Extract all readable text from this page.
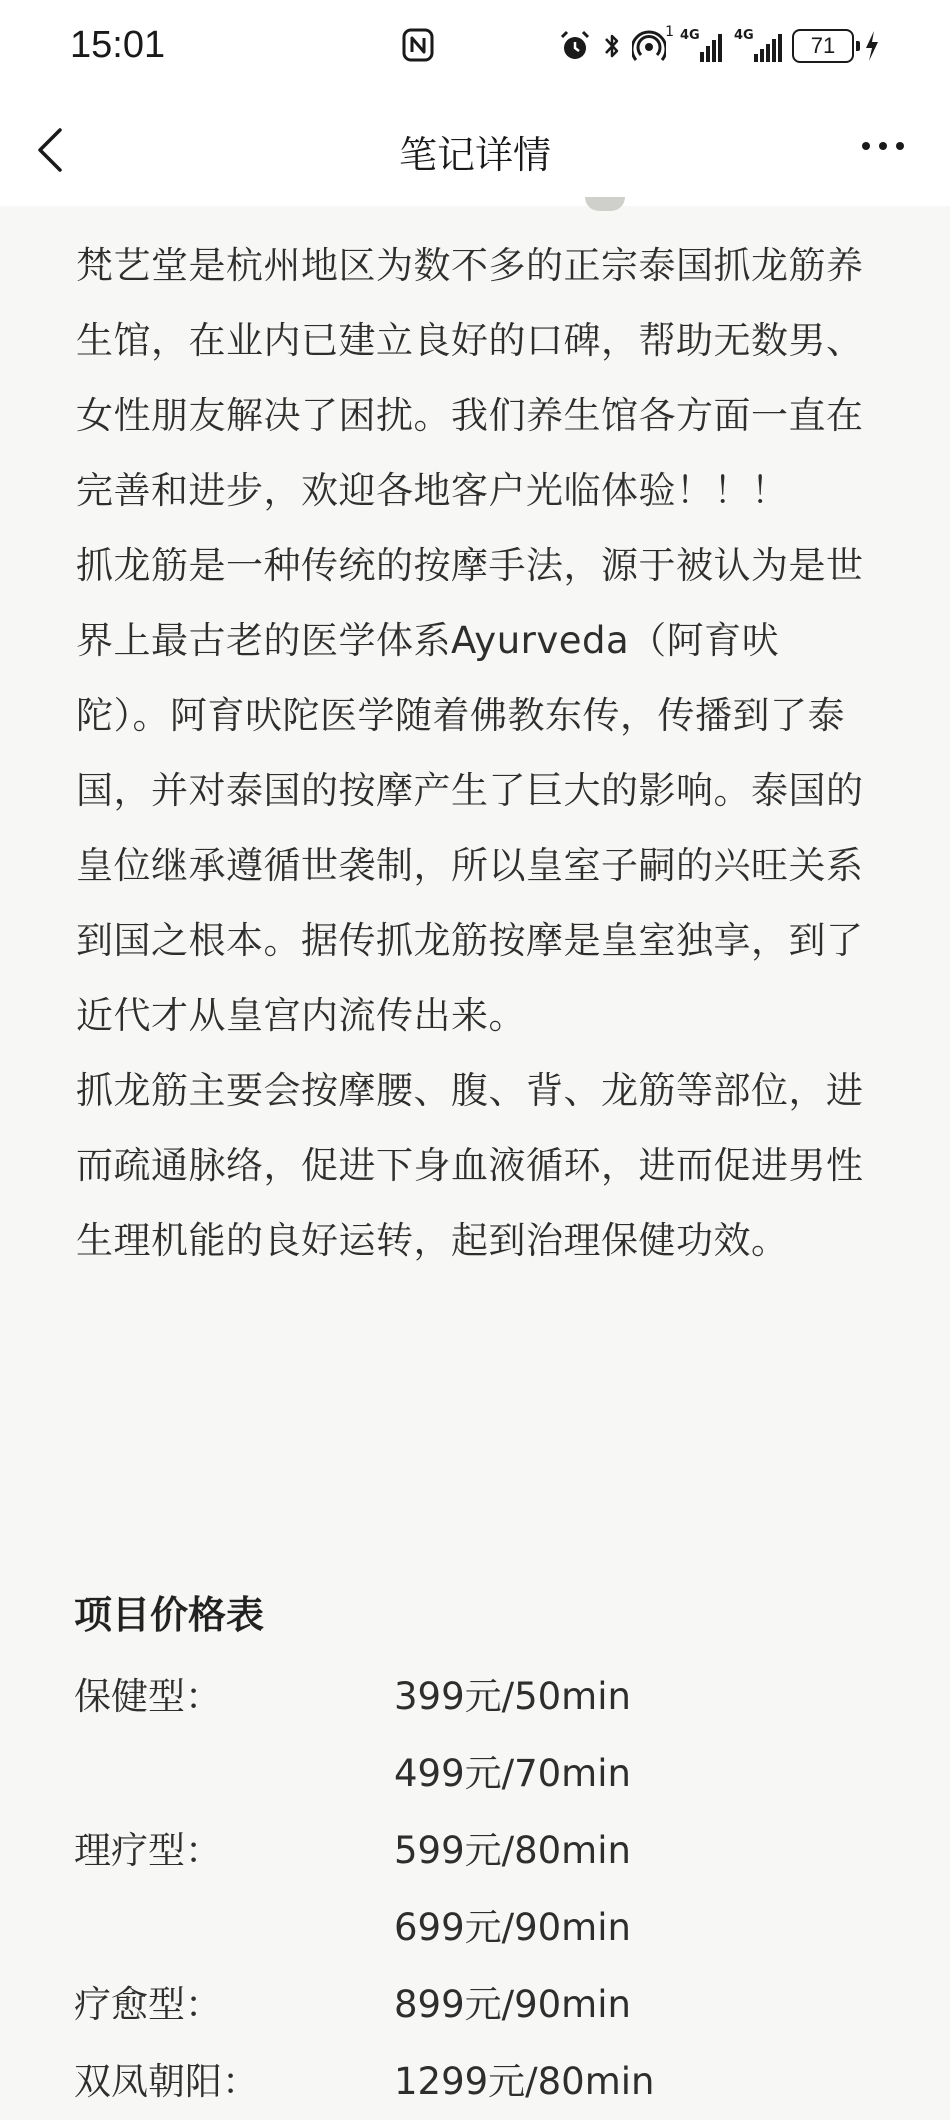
15:01	1 4G	4G	71
笔记详情

梵艺堂是杭州地区为数不多的正宗泰国抓龙筋养生馆，在业内已建立良好的口碑，帮助无数男、女性朋友解决了困扰。我们养生馆各方面一直在完善和进步，欢迎各地客户光临体验！！！

抓龙筋是一种传统的按摩手法，源于被认为是世界上最古老的医学体系Ayurveda（阿育吠陀）。阿育吠陀医学随着佛教东传，传播到了泰国，并对泰国的按摩产生了巨大的影响。泰国的皇位继承遵循世袭制，所以皇室子嗣的兴旺关系到国之根本。据传抓龙筋按摩是皇室独享，到了近代才从皇宫内流传出来。

抓龙筋主要会按摩腰、腹、背、龙筋等部位，进而疏通脉络，促进下身血液循环，进而促进男性生理机能的良好运转，起到治理保健功效。

项目价格表
保健型：	399元/50min
499元/70min
理疗型：	599元/80min
699元/90min
疗愈型：	899元/90min
双凤朝阳：	1299元/80min
